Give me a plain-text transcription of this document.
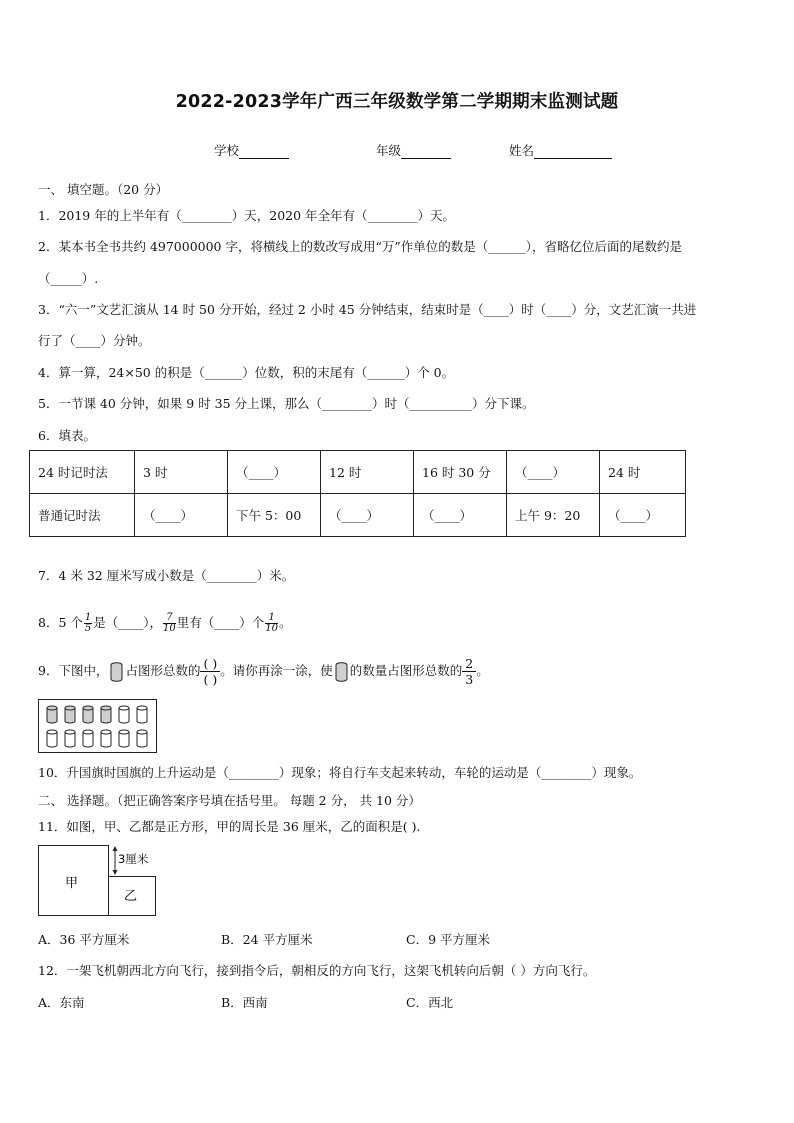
2022-2023学年广西三年级数学第二学期期末监测试题
学校	年级	姓名
一、 填空题。（20 分）
1．2019 年的上半年有（________）天，2020 年全年有（________）天。
2．某本书全书共约 497000000 字，将横线上的数改写成用“万”作单位的数是（______），省略亿位后面的尾数约是
（_____）.
3．“六一”文艺汇演从 14 时 50 分开始，经过 2 小时 45 分钟结束，结束时是（____）时（____）分，文艺汇演一共进
行了（____）分钟。
4．算一算，24×50 的积是（______）位数，积的末尾有（______）个 0。
5．一节课 40 分钟，如果 9 时 35 分上课，那么（________）时（__________）分下课。
6．填表。
24 时记时法	3 时	（____）	12 时	16 时 30 分	（____）	24 时
普通记时法	（____）	下午 5：00	（____）	（____）	上午 9：20	（____）
7．4 米 32 厘米写成小数是（________）米。
8．5 个 $\frac{1}{5}$ 是（____）， $\frac{7}{10}$ 里有（____）个 $\frac{1}{10}$ 。
9．下图中， 占图形总数的 ( )
( )
。请你再涂一涂，使 的数量占图形总数的 $\frac{2}{3}$ 。
10．升国旗时国旗的上升运动是（________）现象；将自行车支起来转动，车轮的运动是（________）现象。
二、 选择题。（把正确答案序号填在括号里。 每题 2 分， 共 10 分）
11．如图，甲、乙都是正方形，甲的周长是 36 厘米，乙的面积是( ).
甲
乙
3厘米
A．36 平方厘米	B．24 平方厘米	C．9 平方厘米
12．一架飞机朝西北方向飞行，接到指令后，朝相反的方向飞行，这架飞机转向后朝（ ）方向飞行。
A．东南	B．西南	C．西北
